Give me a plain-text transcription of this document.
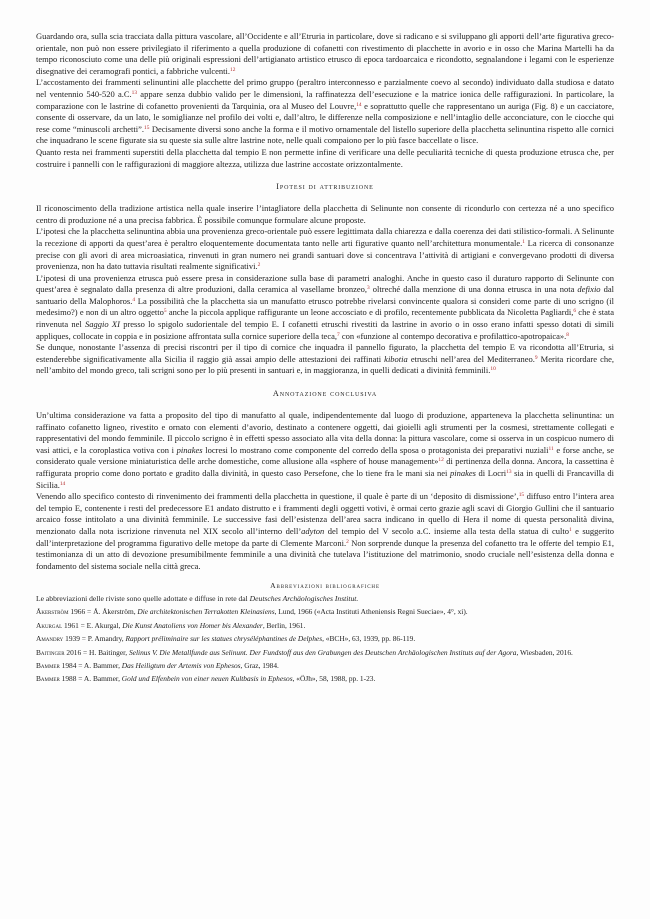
Guardando ora, sulla scia tracciata dalla pittura vascolare, all’Occidente e all’Etruria in particolare, dove si radicano e si sviluppano gli apporti dell’arte figurativa greco-orientale, non può non essere privilegiato il riferimento a quella produzione di cofanetti con rivestimento di placchette in avorio e in osso che Marina Martelli ha da tempo riconosciuto come una delle più originali espressioni dell’artigianato artistico etrusco di epoca tardoarcaica e ricondotto, segnalandone i legami con le esperienze disegnative dei ceramografi pontici, a fabbriche vulcenti.$^{12}$

L’accostamento dei frammenti selinuntini alle placchette del primo gruppo (peraltro interconnesso e parzialmente coevo al secondo) individuato dalla studiosa e datato nel ventennio 540-520 a.C.$^{13}$ appare senza dubbio valido per le dimensioni, la raffinatezza dell’esecuzione e la matrice ionica delle raffigurazioni. In particolare, la comparazione con le lastrine di cofanetto provenienti da Tarquinia, ora al Museo del Louvre,$^{14}$ e soprattutto quelle che rappresentano un auriga (Fig. 8) e un cacciatore, consente di osservare, da un lato, le somiglianze nel profilo dei volti e, dall’altro, le differenze nella composizione e nell’intaglio delle acconciature, con le ciocche qui rese come “minuscoli archetti”.$^{15}$ Decisamente diversi sono anche la forma e il motivo ornamentale del listello superiore della placchetta selinuntina rispetto alle cornici che inquadrano le scene figurate sia su queste sia sulle altre lastrine note, nelle quali compaiono per lo più fasce baccellate o lisce.

Quanto resta nei frammenti superstiti della placchetta dal tempio E non permette infine di verificare una delle peculiarità tecniche di questa produzione etrusca che, per costruire i pannelli con le raffigurazioni di maggiore altezza, utilizza due lastrine accostate orizzontalmente.

Ipotesi di attribuzione

Il riconoscimento della tradizione artistica nella quale inserire l’intagliatore della placchetta di Selinunte non consente di ricondurlo con certezza né a uno specifico centro di produzione né a una precisa fabbrica. È possibile comunque formulare alcune proposte.

L’ipotesi che la placchetta selinuntina abbia una provenienza greco-orientale può essere legittimata dalla chiarezza e dalla coerenza dei dati stilistico-formali. A Selinunte la recezione di apporti da quest’area è peraltro eloquentemente documentata tanto nelle arti figurative quanto nell’architettura monumentale.$^1$ La ricerca di consonanze precise con gli avori di area microasiatica, rinvenuti in gran numero nei grandi santuari dove si concentrava l’attività di artigiani e convergevano prodotti di diversa provenienza, non ha dato tuttavia risultati realmente significativi.$^2$

L’ipotesi di una provenienza etrusca può essere presa in considerazione sulla base di parametri analoghi. Anche in questo caso il duraturo rapporto di Selinunte con quest’area è segnalato dalla presenza di altre produzioni, dalla ceramica al vasellame bronzeo,$^3$ oltreché dalla menzione di una donna etrusca in una nota defixio dal santuario della Malophoros.$^4$ La possibilità che la placchetta sia un manufatto etrusco potrebbe rivelarsi convincente qualora si consideri come parte di uno scrigno (il medesimo?) e non di un altro oggetto$^5$ anche la piccola applique raffigurante un leone accosciato e di profilo, recentemente pubblicata da Nicoletta Pagliardi,$^6$ che è stata rinvenuta nel Saggio XI presso lo spigolo sudorientale del tempio E. I cofanetti etruschi rivestiti da lastrine in avorio o in osso erano infatti spesso dotati di simili appliques, collocate in coppia e in posizione affrontata sulla cornice superiore della teca,$^7$ con «funzione al contempo decorativa e profilattico-apotropaica».$^8$

Se dunque, nonostante l’assenza di precisi riscontri per il tipo di cornice che inquadra il pannello figurato, la placchetta del tempio E va ricondotta all’Etruria, si estenderebbe significativamente alla Sicilia il raggio già assai ampio delle attestazioni dei raffinati kibotia etruschi nell’area del Mediterraneo.$^9$ Merita ricordare che, nell’ambito del mondo greco, tali scrigni sono per lo più presenti in santuari e, in maggioranza, in quelli dedicati a divinità femminili.$^{10}$

Annotazione conclusiva

Un’ultima considerazione va fatta a proposito del tipo di manufatto al quale, indipendentemente dal luogo di produzione, apparteneva la placchetta selinuntina: un raffinato cofanetto ligneo, rivestito e ornato con elementi d’avorio, destinato a contenere oggetti, dai gioielli agli strumenti per la cosmesi, strettamente collegati e rappresentativi del mondo femminile. Il piccolo scrigno è in effetti spesso associato alla vita della donna: la pittura vascolare, come si osserva in un cospicuo numero di vasi attici, e la coroplastica votiva con i pinakes locresi lo mostrano come componente del corredo della sposa o protagonista dei preparativi nuziali$^{11}$ e forse anche, se considerato quale versione miniaturistica delle arche domestiche, come allusione alla «sphere of house management»$^{12}$ di pertinenza della donna. Ancora, la cassettina è raffigurata proprio come dono portato e gradito dalla divinità, in questo caso Persefone, che lo tiene fra le mani sia nei pinakes di Locri$^{13}$ sia in quelli di Francavilla di Sicilia.$^{14}$

Venendo allo specifico contesto di rinvenimento dei frammenti della placchetta in questione, il quale è parte di un ‘deposito di dismissione’,$^{15}$ diffuso entro l’intera area del tempio E, contenente i resti del predecessore E1 andato distrutto e i frammenti degli oggetti votivi, è ormai certo grazie agli scavi di Giorgio Gullini che il santuario arcaico fosse intitolato a una divinità femminile. Le successive fasi dell’esistenza dell’area sacra indicano in quello di Hera il nome di questa personalità divina, menzionato dalla nota iscrizione rinvenuta nel XIX secolo all’interno dell’adyton del tempio del V secolo a.C. insieme alla testa della statua di culto$^1$ e suggerito dall’interpretazione del programma figurativo delle metope da parte di Clemente Marconi.$^2$ Non sorprende dunque la presenza del cofanetto tra le offerte del tempio E1, testimonianza di un atto di devozione presumibilmente femminile a una divinità che tutelava l’istituzione del matrimonio, snodo cruciale nell’esistenza della donna e fondamento del sistema sociale nella città greca.

Abbreviazioni bibliografiche
Le abbreviazioni delle riviste sono quelle adottate e diffuse in rete dal Deutsches Archäologisches Institut.
Åkerström 1966 = Å. Åkerström, Die architektonischen Terrakotten Kleinasiens, Lund, 1966 («Acta Instituti Atheniensis Regni Sueciae», 4°, xi).
Akurgal 1961 = E. Akurgal, Die Kunst Anatoliens von Homer bis Alexander, Berlin, 1961.
Amandry 1939 = P. Amandry, Rapport préliminaire sur les statues chryséléphantines de Delphes, «BCH», 63, 1939, pp. 86-119.
Baitinger 2016 = H. Baitinger, Selinus V. Die Metallfunde aus Selinunt. Der Fundstoff aus den Grabungen des Deutschen Archäologischen Instituts auf der Agora, Wiesbaden, 2016.
Bammer 1984 = A. Bammer, Das Heiligtum der Artemis von Ephesos, Graz, 1984.
Bammer 1988 = A. Bammer, Gold und Elfenbein von einer neuen Kultbasis in Ephesos, «ÖJh», 58, 1988, pp. 1-23.
